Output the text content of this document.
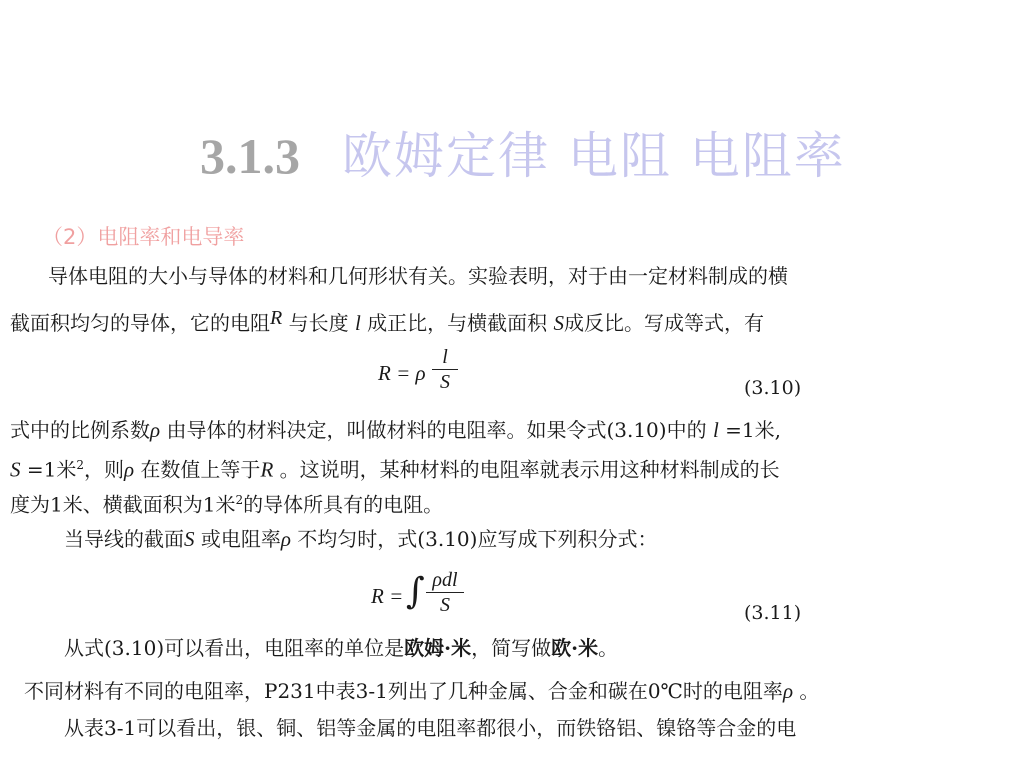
3.1.3 欧姆定律 电阻 电阻率
（2）电阻率和电导率
导体电阻的大小与导体的材料和几何形状有关。实验表明，对于由一定材料制成的横
截面积均匀的导体，它的电阻R 与长度 l 成正比，与横截面积 S成反比。写成等式，有
R = ρ
l
S	(3.10)
式中的比例系数ρ 由导体的材料决定，叫做材料的电阻率。如果令式(3.10)中的 l =1米,
S =1米$^2$，则ρ 在数值上等于R 。这说明，某种材料的电阻率就表示用这种材料制成的长
度为1米、横截面积为1米$^2$的导体所具有的电阻。
当导线的截面S 或电阻率ρ 不均匀时，式(3.10)应写成下列积分式：
R = ∫ ρdl
S	(3.11)
从式(3.10)可以看出，电阻率的单位是欧姆·米，简写做欧·米。
不同材料有不同的电阻率，P231中表3-1列出了几种金属、合金和碳在0℃时的电阻率ρ 。
从表3-1可以看出，银、铜、铝等金属的电阻率都很小，而铁铬铝、镍铬等合金的电
